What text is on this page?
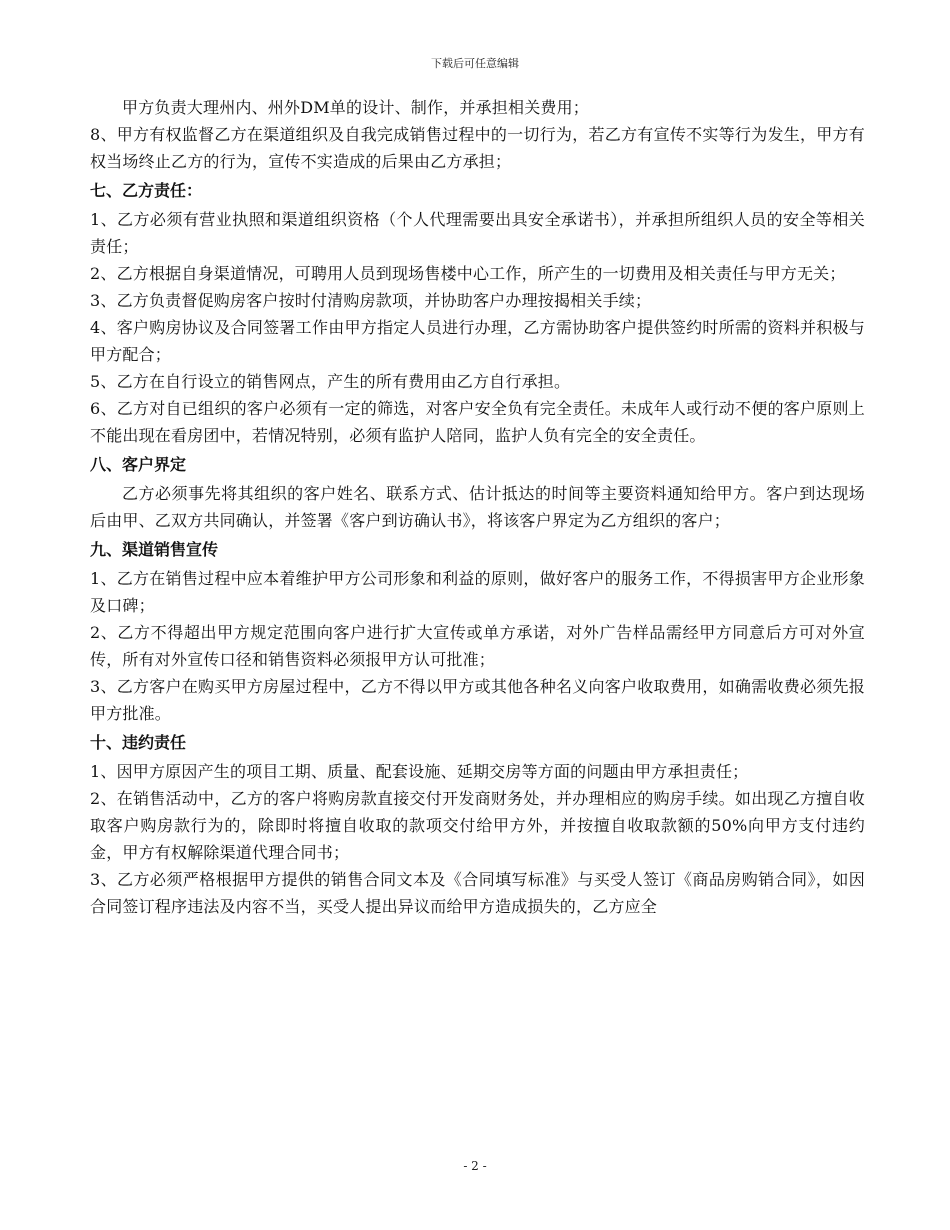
下载后可任意编辑

甲方负责大理州内、州外DM单的设计、制作，并承担相关费用；

8、甲方有权监督乙方在渠道组织及自我完成销售过程中的一切行为，若乙方有宣传不实等行为发生，甲方有权当场终止乙方的行为，宣传不实造成的后果由乙方承担；

七、乙方责任：

1、乙方必须有营业执照和渠道组织资格（个人代理需要出具安全承诺书），并承担所组织人员的安全等相关责任；

2、乙方根据自身渠道情况，可聘用人员到现场售楼中心工作，所产生的一切费用及相关责任与甲方无关；

3、乙方负责督促购房客户按时付清购房款项，并协助客户办理按揭相关手续；

4、客户购房协议及合同签署工作由甲方指定人员进行办理，乙方需协助客户提供签约时所需的资料并积极与甲方配合；

5、乙方在自行设立的销售网点，产生的所有费用由乙方自行承担。

6、乙方对自已组织的客户必须有一定的筛选，对客户安全负有完全责任。未成年人或行动不便的客户原则上不能出现在看房团中，若情况特别，必须有监护人陪同，监护人负有完全的安全责任。

八、客户界定

乙方必须事先将其组织的客户姓名、联系方式、估计抵达的时间等主要资料通知给甲方。客户到达现场后由甲、乙双方共同确认，并签署《客户到访确认书》，将该客户界定为乙方组织的客户；

九、渠道销售宣传

1、乙方在销售过程中应本着维护甲方公司形象和利益的原则，做好客户的服务工作，不得损害甲方企业形象及口碑；

2、乙方不得超出甲方规定范围向客户进行扩大宣传或单方承诺，对外广告样品需经甲方同意后方可对外宣传，所有对外宣传口径和销售资料必须报甲方认可批准；

3、乙方客户在购买甲方房屋过程中，乙方不得以甲方或其他各种名义向客户收取费用，如确需收费必须先报甲方批准。

十、违约责任

1、因甲方原因产生的项目工期、质量、配套设施、延期交房等方面的问题由甲方承担责任；

2、在销售活动中，乙方的客户将购房款直接交付开发商财务处，并办理相应的购房手续。如出现乙方擅自收取客户购房款行为的，除即时将擅自收取的款项交付给甲方外，并按擅自收取款额的50%向甲方支付违约金，甲方有权解除渠道代理合同书；

3、乙方必须严格根据甲方提供的销售合同文本及《合同填写标准》与买受人签订《商品房购销合同》，如因合同签订程序违法及内容不当，买受人提出异议而给甲方造成损失的，乙方应全

- 2 -
